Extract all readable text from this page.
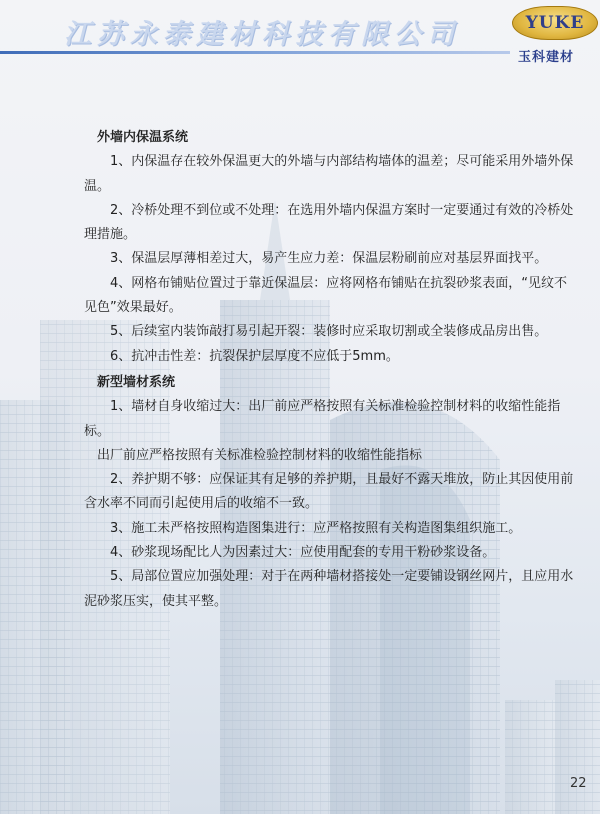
江苏永泰建材科技有限公司	YUKE
玉科建材

外墙内保温系统

1、内保温存在较外保温更大的外墙与内部结构墙体的温差；尽可能采用外墙外保温。

2、冷桥处理不到位或不处理：在选用外墙内保温方案时一定要通过有效的冷桥处理措施。

3、保温层厚薄相差过大，易产生应力差：保温层粉刷前应对基层界面找平。

4、网格布铺贴位置过于靠近保温层：应将网格布铺贴在抗裂砂浆表面，“见纹不见色”效果最好。

5、后续室内装饰敲打易引起开裂：装修时应采取切割或全装修成品房出售。

6、抗冲击性差：抗裂保护层厚度不应低于5mm。

新型墙材系统

1、墙材自身收缩过大：出厂前应严格按照有关标准检验控制材料的收缩性能指标。

出厂前应严格按照有关标准检验控制材料的收缩性能指标

2、养护期不够：应保证其有足够的养护期，且最好不露天堆放，防止其因使用前含水率不同而引起使用后的收缩不一致。

3、施工未严格按照构造图集进行：应严格按照有关构造图集组织施工。

4、砂浆现场配比人为因素过大：应使用配套的专用干粉砂浆设备。

5、局部位置应加强处理：对于在两种墙材搭接处一定要铺设钢丝网片，且应用水泥砂浆压实，使其平整。

22
